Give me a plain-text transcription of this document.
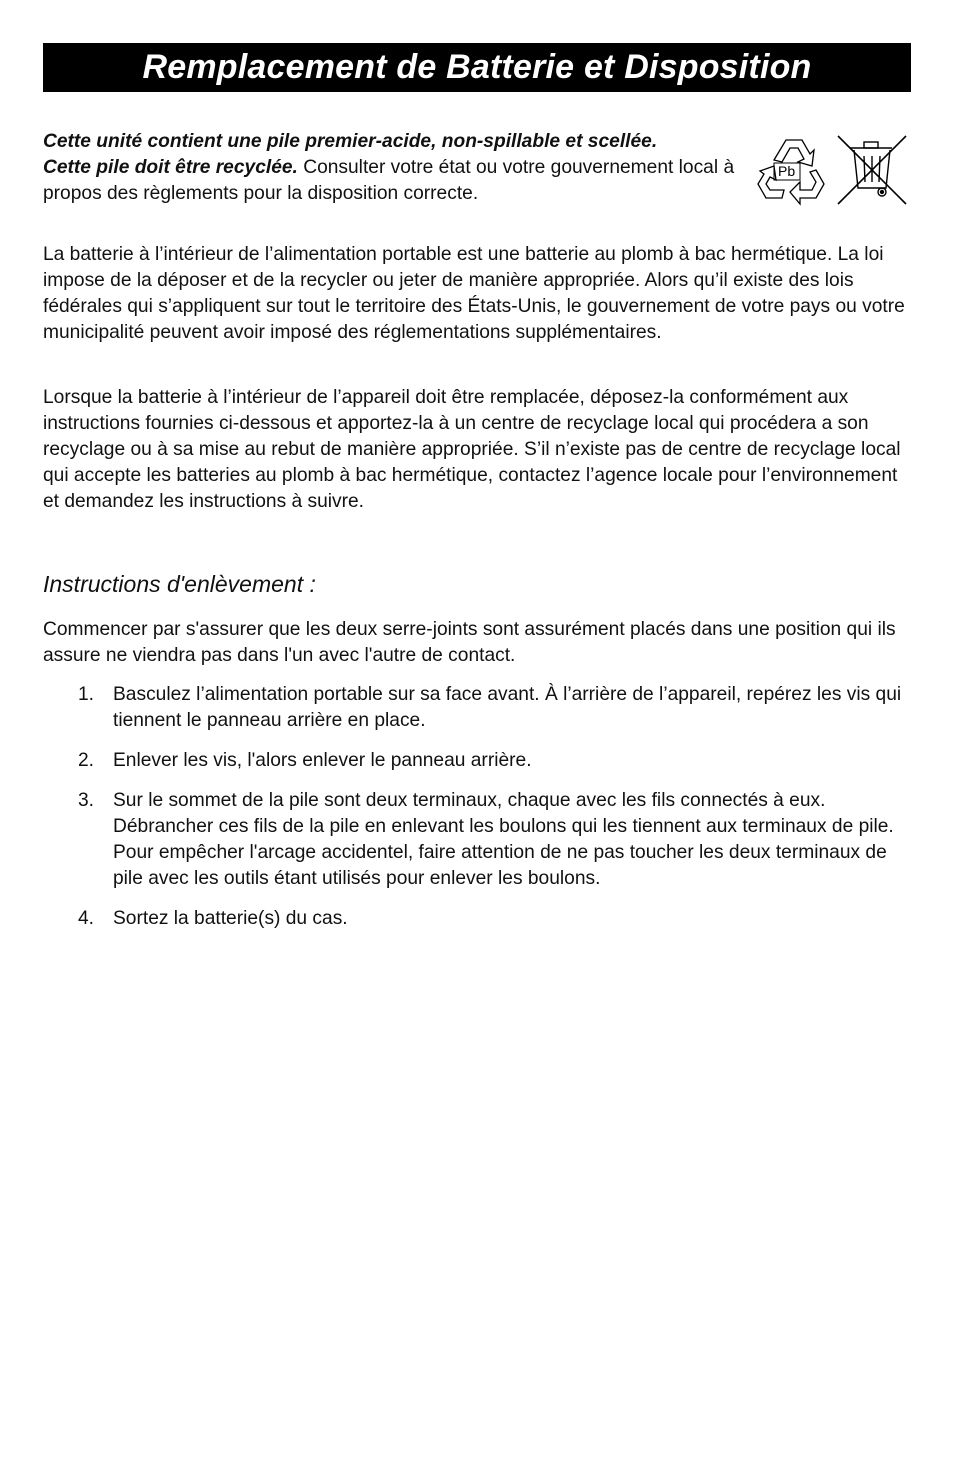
Remplacement de Batterie et Disposition
Cette unité contient une pile premier-acide, non-spillable et scellée.
Cette pile doit être recyclée. Consulter votre état ou votre gouvernement local à propos des règlements pour la disposition correcte.
Pb

La batterie à l’intérieur de l’alimentation portable est une batterie au plomb à bac hermétique. La loi impose de la déposer et de la recycler ou jeter de manière appropriée. Alors qu’il existe des lois fédérales qui s’appliquent sur tout le territoire des États-Unis, le gouvernement de votre pays ou votre municipalité peuvent avoir imposé des réglementations supplémentaires.

Lorsque la batterie à l’intérieur de l’appareil doit être remplacée, déposez-la conformément aux instructions fournies ci-dessous et apportez-la à un centre de recyclage local qui procédera a son recyclage ou à sa mise au rebut de manière appropriée. S’il n’existe pas de centre de recyclage local qui accepte les batteries au plomb à bac hermétique, contactez l’agence locale pour l’environnement et demandez les instructions à suivre.

Instructions d'enlèvement :

Commencer par s'assurer que les deux serre-joints sont assurément placés dans une position qui ils assure ne viendra pas dans l'un avec l'autre de contact.

1. Basculez l’alimentation portable sur sa face avant. À l’arrière de l’appareil, repérez les vis qui tiennent le panneau arrière en place.
2. Enlever les vis, l'alors enlever le panneau arrière.
3. Sur le sommet de la pile sont deux terminaux, chaque avec les fils connectés à eux. Débrancher ces fils de la pile en enlevant les boulons qui les tiennent aux terminaux de pile. Pour empêcher l'arcage accidentel, faire attention de ne pas toucher les deux terminaux de pile avec les outils étant utilisés pour enlever les boulons.
4. Sortez la batterie(s) du cas.
